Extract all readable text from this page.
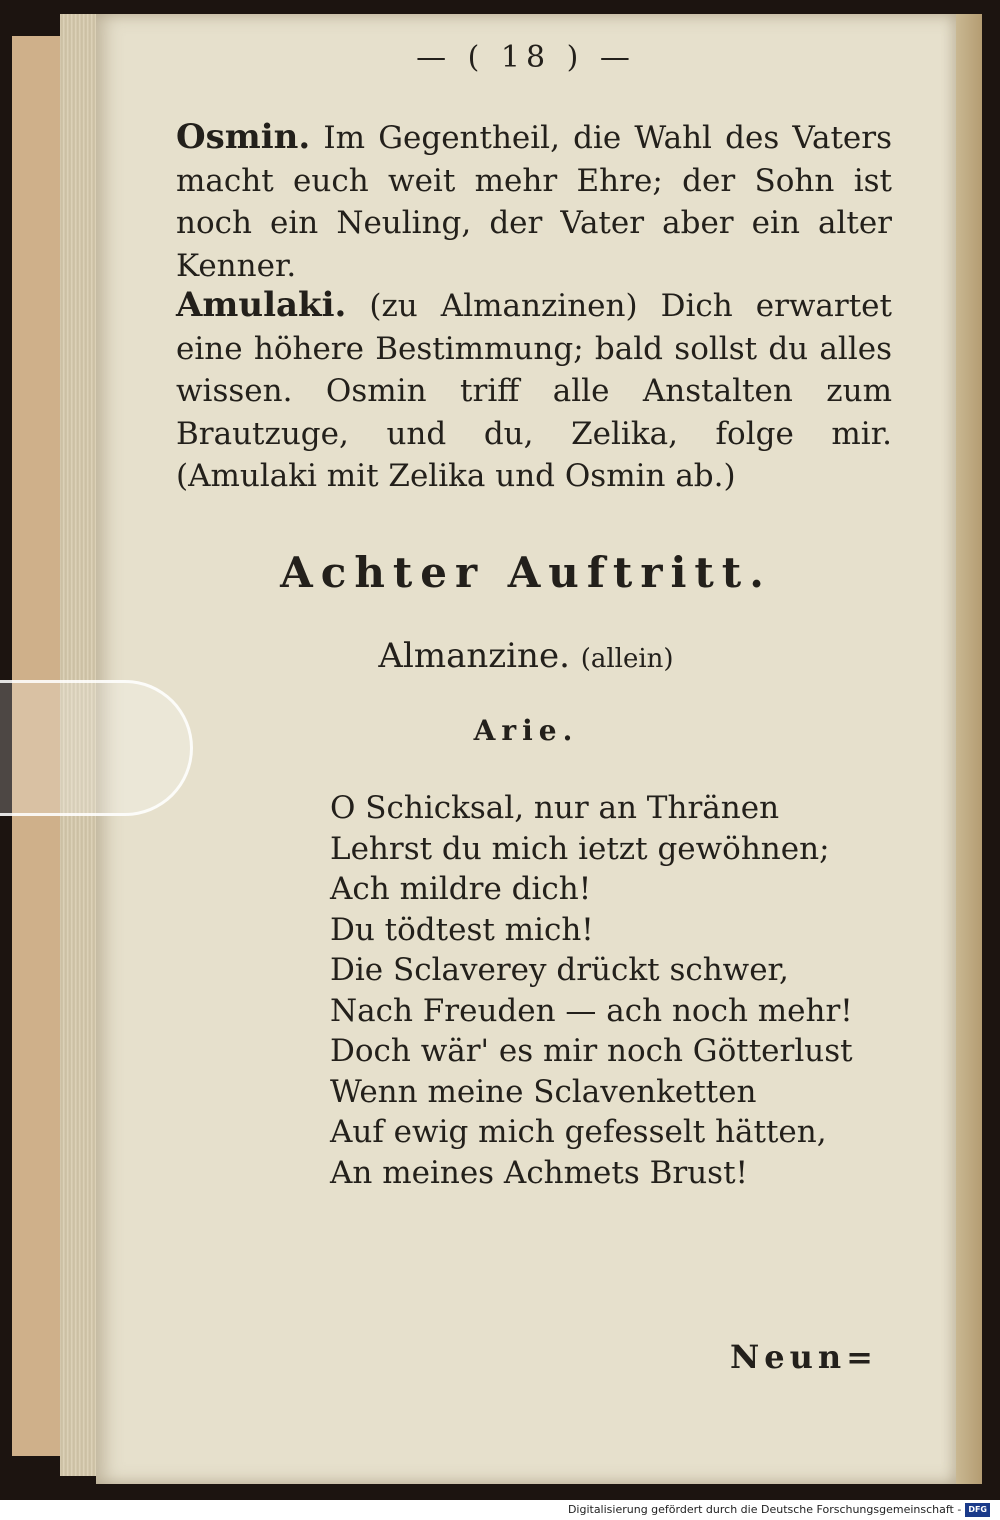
— ( 18 ) —

Osmin. Im Gegentheil, die Wahl des Vaters macht euch weit mehr Ehre; der Sohn ist noch ein Neuling, der Vater aber ein alter Kenner.

Amulaki. (zu Almanzinen) Dich erwartet eine höhere Bestimmung; bald sollst du alles wissen. Osmin triff alle Anstalten zum Brautzuge, und du, Zelika, folge mir. (Amulaki mit Zelika und Osmin ab.)

Achter Auftritt.
Almanzine. (allein)
Arie.
O Schicksal, nur an Thränen
Lehrst du mich ietzt gewöhnen;
Ach mildre dich!
Du tödtest mich!
Die Sclaverey drückt schwer,
Nach Freuden — ach noch mehr!
Doch wär' es mir noch Götterlust
Wenn meine Sclavenketten
Auf ewig mich gefesselt hätten,
An meines Achmets Brust!
Neun=
Digitalisierung gefördert durch die Deutsche Forschungsgemeinschaft - DFG
